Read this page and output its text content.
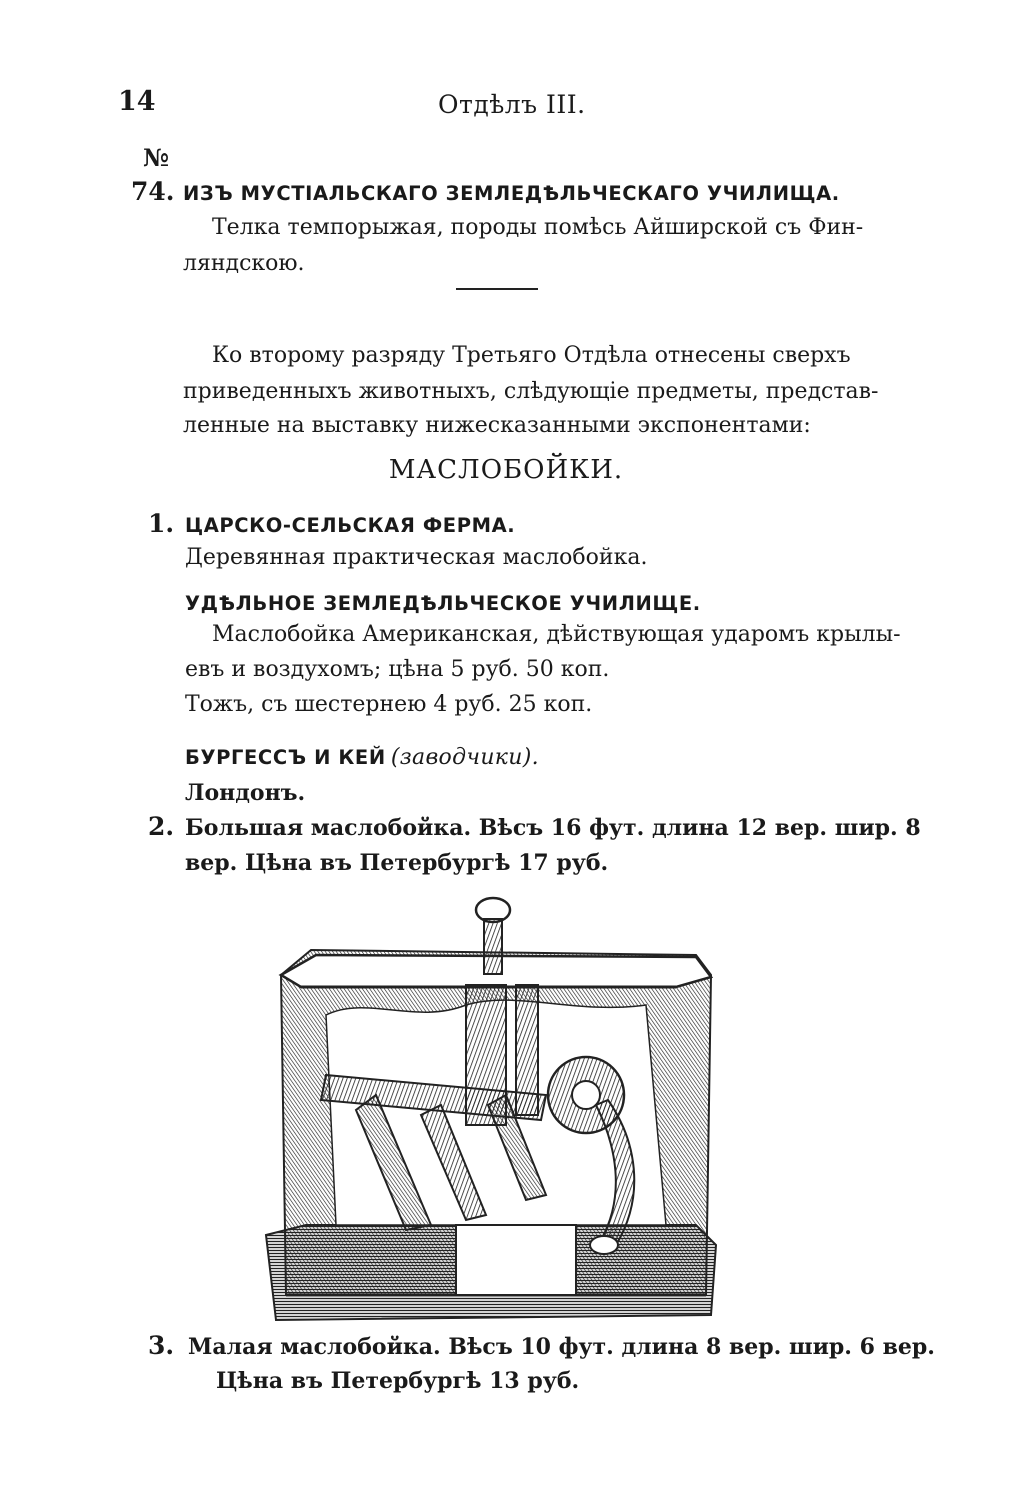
14	Отдѣлъ III.
№
74. ИЗЪ МУСТІАЛЬСКАГО ЗЕМЛЕДѢЛЬЧЕСКАГО УЧИЛИЩА.
Телка темпорыжая, породы помѣсь Айширской съ Фин-
ляндскою.
Ко второму разряду Третьяго Отдѣла отнесены сверхъ
приведенныхъ животныхъ, слѣдующіе предметы, представ-
ленные на выставку нижесказанными экспонентами:
МАСЛОБОЙКИ.
1. ЦАРСКО-СЕЛЬСКАЯ ФЕРМА.
Деревянная практическая маслобойка.
УДѢЛЬНОЕ ЗЕМЛЕДѢЛЬЧЕСКОЕ УЧИЛИЩЕ.
Маслобойка Американская, дѣйствующая ударомъ крылы-
евъ и воздухомъ; цѣна 5 руб. 50 коп.
Тожъ, съ шестернею 4 руб. 25 коп.
БУРГЕССЪ И КЕЙ (заводчики).
Лондонъ.
2. Большая маслобойка. Вѣсъ 16 фут. длина 12 вер. шир. 8
вер. Цѣна въ Петербургѣ 17 руб.
3. Малая маслобойка. Вѣсъ 10 фут. длина 8 вер. шир. 6 вер.
Цѣна въ Петербургѣ 13 руб.
